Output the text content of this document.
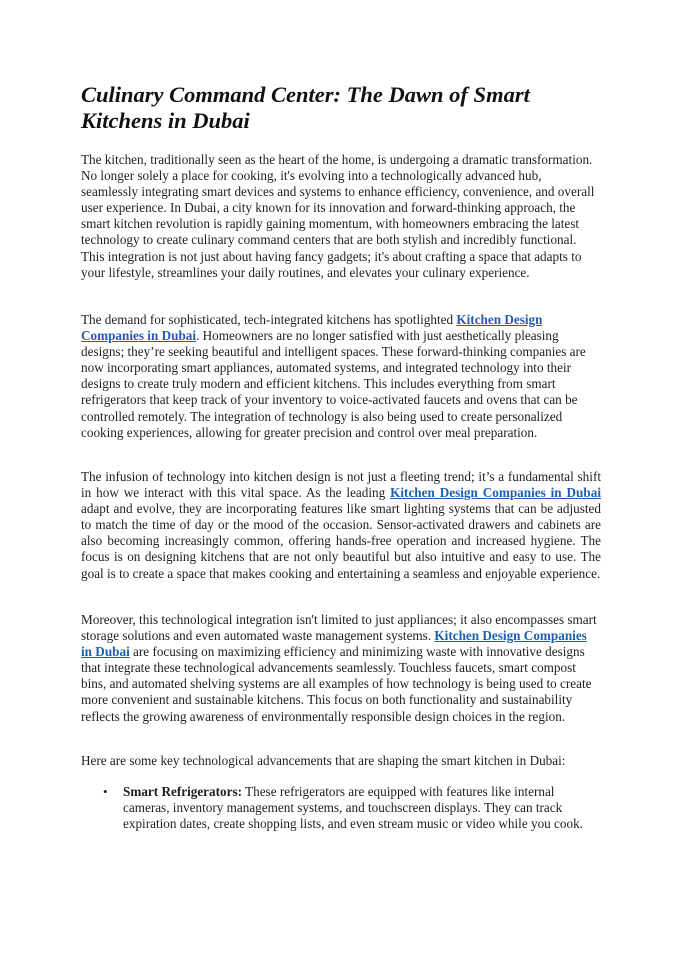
Culinary Command Center: The Dawn of Smart Kitchens in Dubai

The kitchen, traditionally seen as the heart of the home, is undergoing a dramatic transformation. No longer solely a place for cooking, it's evolving into a technologically advanced hub, seamlessly integrating smart devices and systems to enhance efficiency, convenience, and overall user experience. In Dubai, a city known for its innovation and forward-thinking approach, the smart kitchen revolution is rapidly gaining momentum, with homeowners embracing the latest technology to create culinary command centers that are both stylish and incredibly functional. This integration is not just about having fancy gadgets; it's about crafting a space that adapts to your lifestyle, streamlines your daily routines, and elevates your culinary experience.

The demand for sophisticated, tech-integrated kitchens has spotlighted Kitchen Design Companies in Dubai. Homeowners are no longer satisfied with just aesthetically pleasing designs; they’re seeking beautiful and intelligent spaces. These forward-thinking companies are now incorporating smart appliances, automated systems, and integrated technology into their designs to create truly modern and efficient kitchens. This includes everything from smart refrigerators that keep track of your inventory to voice-activated faucets and ovens that can be controlled remotely. The integration of technology is also being used to create personalized cooking experiences, allowing for greater precision and control over meal preparation.

The infusion of technology into kitchen design is not just a fleeting trend; it’s a fundamental shift in how we interact with this vital space. As the leading Kitchen Design Companies in Dubai adapt and evolve, they are incorporating features like smart lighting systems that can be adjusted to match the time of day or the mood of the occasion. Sensor-activated drawers and cabinets are also becoming increasingly common, offering hands-free operation and increased hygiene. The focus is on designing kitchens that are not only beautiful but also intuitive and easy to use. The goal is to create a space that makes cooking and entertaining a seamless and enjoyable experience.

Moreover, this technological integration isn't limited to just appliances; it also encompasses smart storage solutions and even automated waste management systems. Kitchen Design Companies in Dubai are focusing on maximizing efficiency and minimizing waste with innovative designs that integrate these technological advancements seamlessly. Touchless faucets, smart compost bins, and automated shelving systems are all examples of how technology is being used to create more convenient and sustainable kitchens. This focus on both functionality and sustainability reflects the growing awareness of environmentally responsible design choices in the region.

Here are some key technological advancements that are shaping the smart kitchen in Dubai:

• Smart Refrigerators: These refrigerators are equipped with features like internal cameras, inventory management systems, and touchscreen displays. They can track expiration dates, create shopping lists, and even stream music or video while you cook.
